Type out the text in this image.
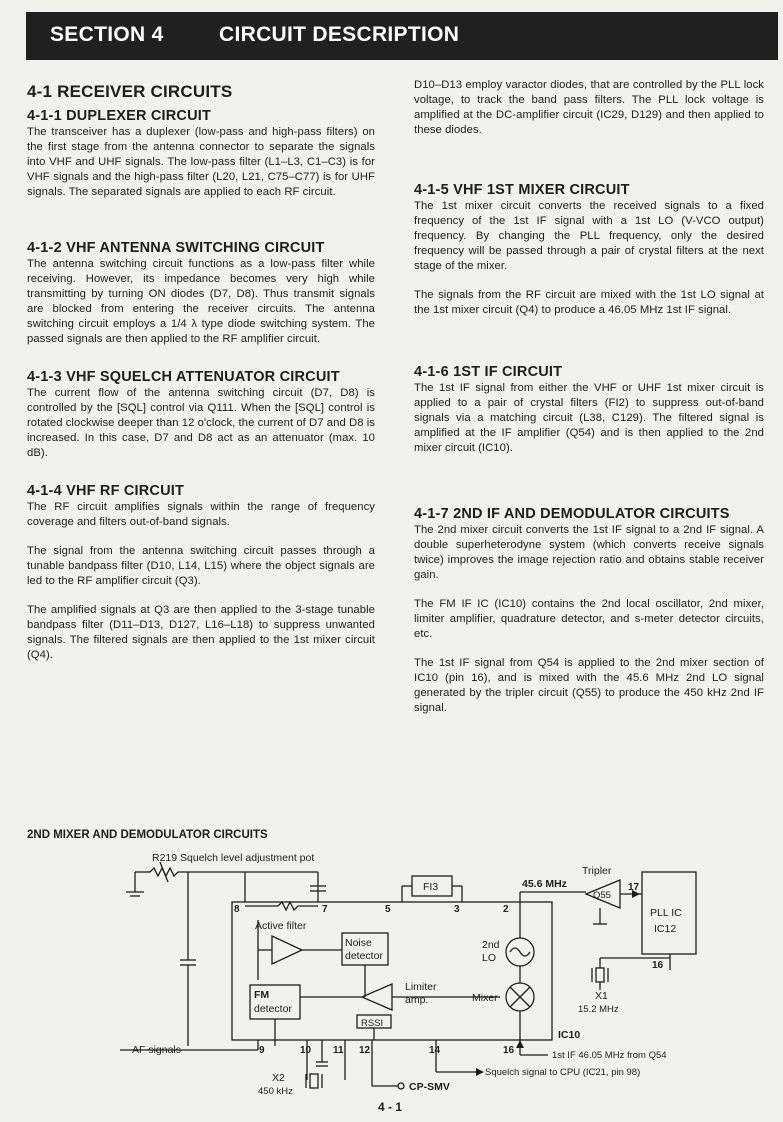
SECTION 4	CIRCUIT DESCRIPTION
4-1 RECEIVER CIRCUITS
4-1-1 DUPLEXER CIRCUIT

The transceiver has a duplexer (low-pass and high-pass filters) on the first stage from the antenna connector to separate the signals into VHF and UHF signals. The low-pass filter (L1–L3, C1–C3) is for VHF signals and the high-pass filter (L20, L21, C75–C77) is for UHF signals. The separated signals are applied to each RF circuit.

4-1-2 VHF ANTENNA SWITCHING CIRCUIT

The antenna switching circuit functions as a low-pass filter while receiving. However, its impedance becomes very high while transmitting by turning ON diodes (D7, D8). Thus transmit signals are blocked from entering the receiver circuits. The antenna switching circuit employs a 1/4 λ type diode switching system. The passed signals are then applied to the RF amplifier circuit.

4-1-3 VHF SQUELCH ATTENUATOR CIRCUIT

The current flow of the antenna switching circuit (D7, D8) is controlled by the [SQL] control via Q111. When the [SQL] control is rotated clockwise deeper than 12 o'clock, the current of D7 and D8 is increased. In this case, D7 and D8 act as an attenuator (max. 10 dB).

4-1-4 VHF RF CIRCUIT

The RF circuit amplifies signals within the range of frequency coverage and filters out-of-band signals.

The signal from the antenna switching circuit passes through a tunable bandpass filter (D10, L14, L15) where the object signals are led to the RF amplifier circuit (Q3).

The amplified signals at Q3 are then applied to the 3-stage tunable bandpass filter (D11–D13, D127, L16–L18) to suppress unwanted signals. The filtered signals are then applied to the 1st mixer circuit (Q4).

D10–D13 employ varactor diodes, that are controlled by the PLL lock voltage, to track the band pass filters. The PLL lock voltage is amplified at the DC-amplifier circuit (IC29, D129) and then applied to these diodes.

4-1-5 VHF 1ST MIXER CIRCUIT

The 1st mixer circuit converts the received signals to a fixed frequency of the 1st IF signal with a 1st LO (V-VCO output) frequency. By changing the PLL frequency, only the desired frequency will be passed through a pair of crystal filters at the next stage of the mixer.

The signals from the RF circuit are mixed with the 1st LO signal at the 1st mixer circuit (Q4) to produce a 46.05 MHz 1st IF signal.

4-1-6 1ST IF CIRCUIT

The 1st IF signal from either the VHF or UHF 1st mixer circuit is applied to a pair of crystal filters (FI2) to suppress out-of-band signals via a matching circuit (L38, C129). The filtered signal is amplified at the IF amplifier (Q54) and is then applied to the 2nd mixer circuit (IC10).

4-1-7 2ND IF AND DEMODULATOR CIRCUITS

The 2nd mixer circuit converts the 1st IF signal to a 2nd IF signal. A double superheterodyne system (which converts receive signals twice) improves the image rejection ratio and obtains stable receiver gain.

The FM IF IC (IC10) contains the 2nd local oscillator, 2nd mixer, limiter amplifier, quadrature detector, and s-meter detector circuits, etc.

The 1st IF signal from Q54 is applied to the 2nd mixer section of IC10 (pin 16), and is mixed with the 45.6 MHz 2nd LO signal generated by the tripler circuit (Q55) to produce the 450 kHz 2nd IF signal.

2ND MIXER AND DEMODULATOR CIRCUITS
R219 Squelch level adjustment pot
Active filter
Noise
detector
FM
detector
Limiter
amp.
RSSI
FI3
2nd
LO
Mixer
IC10
Tripler
Q55
45.6 MHz
PLL IC
IC12
X1
15.2 MHz
X2
450 kHz
AF signals
CP-SMV
1st IF 46.05 MHz from Q54
Squelch signal to CPU (IC21, pin 98)
8	7	5	3	2
9	10 11 12	14	16
17
16
4 - 1
